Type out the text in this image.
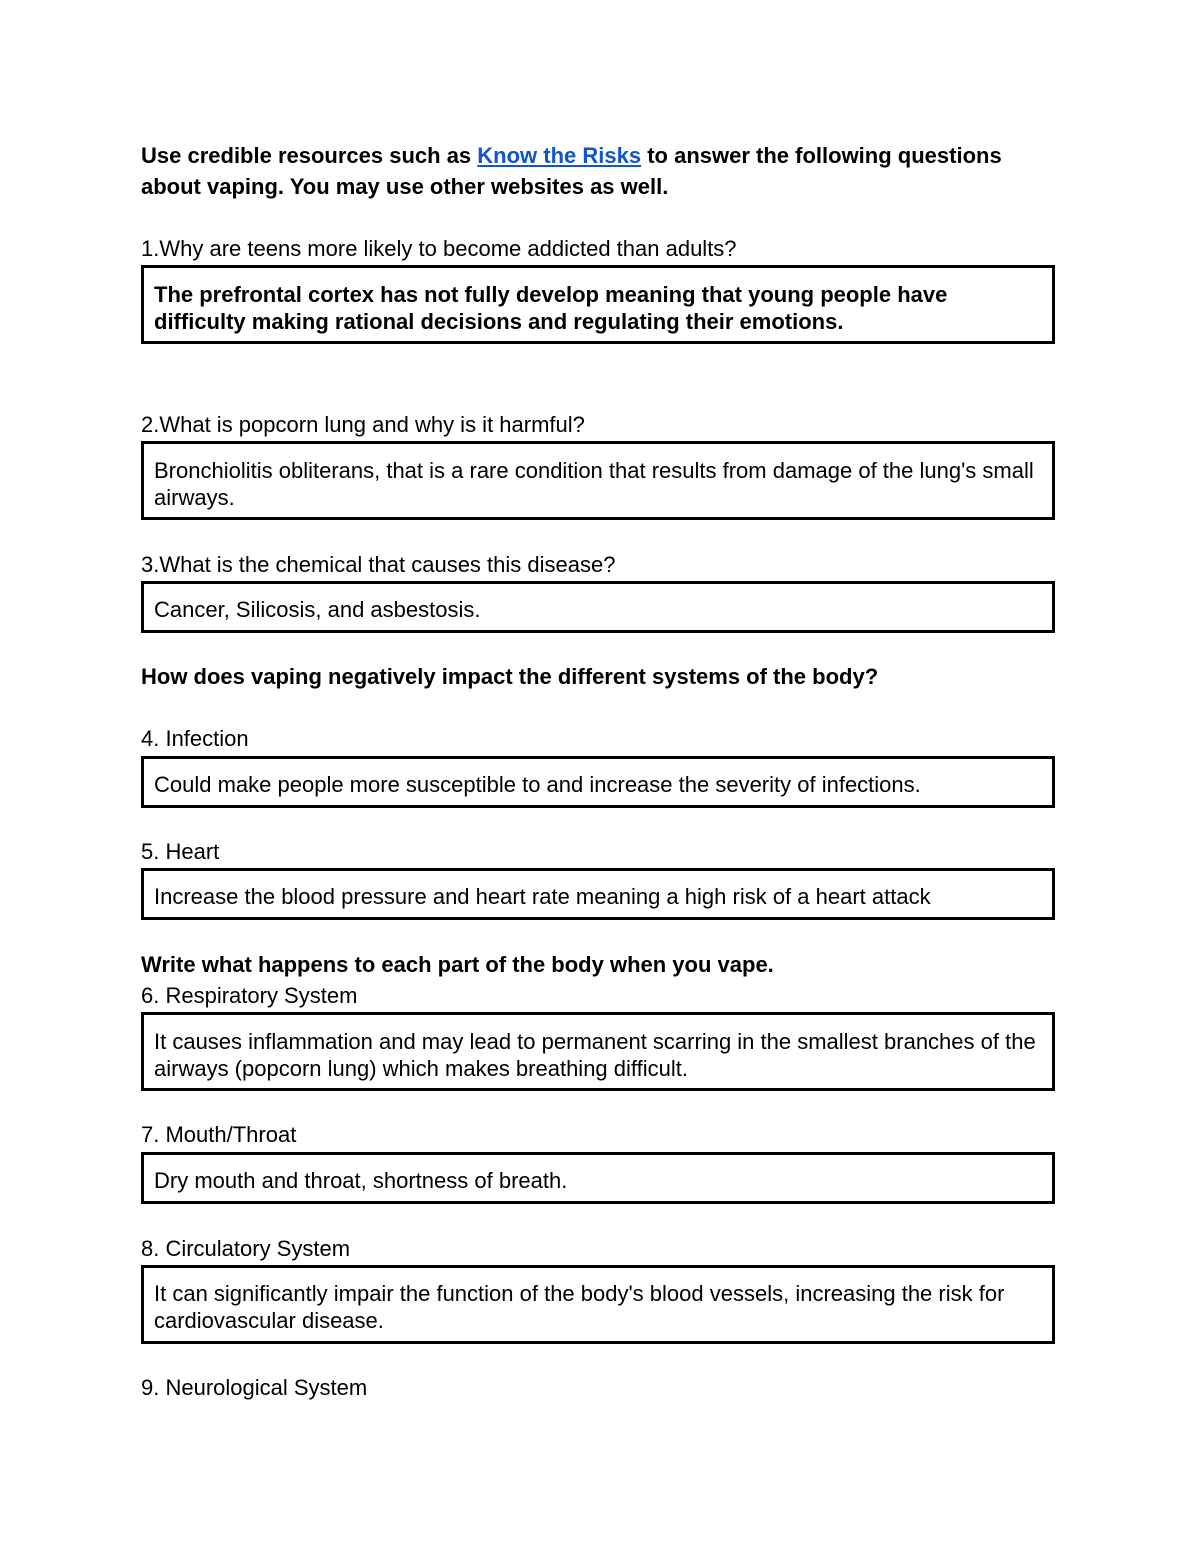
Use credible resources such as Know the Risks to answer the following questions about vaping. You may use other websites as well.
1.Why are teens more likely to become addicted than adults?
The prefrontal cortex has not fully develop meaning that young people have difficulty making rational decisions and regulating their emotions.
2.What is popcorn lung and why is it harmful?
Bronchiolitis obliterans, that is a rare condition that results from damage of the lung's small airways.
3.What is the chemical that causes this disease?
Cancer, Silicosis, and asbestosis.
How does vaping negatively impact the different systems of the body?
4. Infection
Could make people more susceptible to and increase the severity of infections.
5. Heart
Increase the blood pressure and heart rate meaning a high risk of a heart attack
Write what happens to each part of the body when you vape.
6. Respiratory System
It causes inflammation and may lead to permanent scarring in the smallest branches of the airways (popcorn lung) which makes breathing difficult.
7. Mouth/Throat
Dry mouth and throat, shortness of breath.
8. Circulatory System
It can significantly impair the function of the body's blood vessels, increasing the risk for cardiovascular disease.
9. Neurological System
